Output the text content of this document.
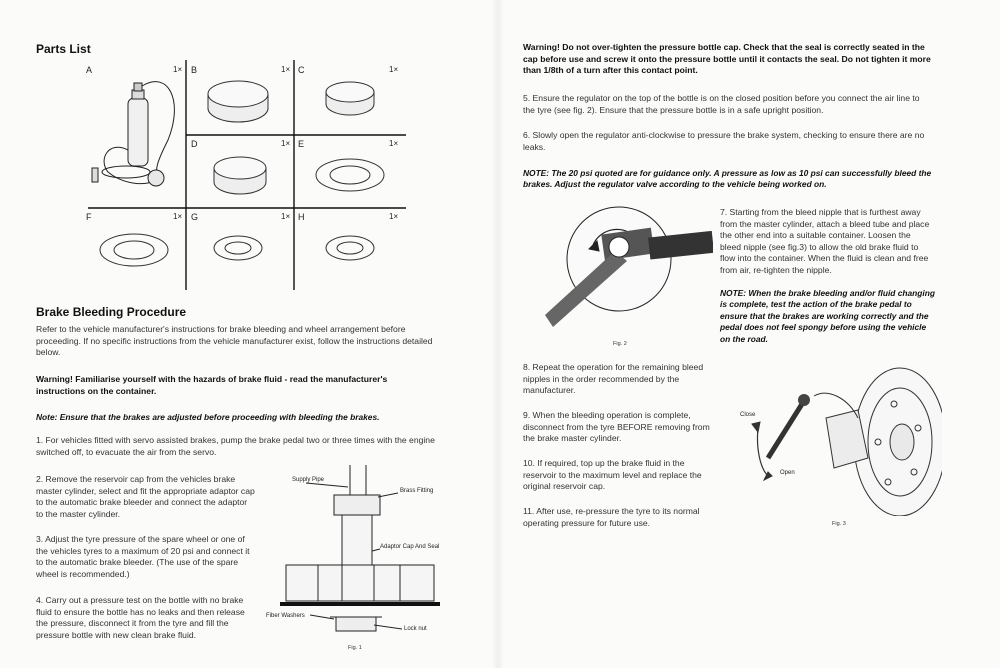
Parts List
A	1× B	1× C	1×
D	1× E	1×
F	1× G	1× H	1×
Brake Bleeding Procedure
Refer to the vehicle manufacturer's instructions for brake bleeding and wheel arrangement before proceeding. If no specific instructions from the vehicle manufacturer exist, follow the instructions detailed below.
Warning! Familiarise yourself with the hazards of brake fluid - read the manufacturer's instructions on the container.
Note: Ensure that the brakes are adjusted before proceeding with bleeding the brakes.
1. For vehicles fitted with servo assisted brakes, pump the brake pedal two or three times with the engine switched off, to evacuate the air from the servo.
2. Remove the reservoir cap from the vehicles brake master cylinder, select and fit the appropriate adaptor cap to the automatic brake bleeder and connect the adaptor to the master cylinder.
3. Adjust the tyre pressure of the spare wheel or one of the vehicles tyres to a maximum of 20 psi and connect it to the automatic brake bleeder. (The use of the spare wheel is recommended.)
4. Carry out a pressure test on the bottle with no brake fluid to ensure the bottle has no leaks and then release the pressure, disconnect it from the tyre and fill the pressure bottle with new clean brake fluid.
Supply Pipe
Brass Fitting
Adaptor Cap And Seal
Fiber Washers
Lock nut
Fig. 1
Warning! Do not over-tighten the pressure bottle cap. Check that the seal is correctly seated in the cap before use and screw it onto the pressure bottle until it contacts the seal. Do not tighten it more than 1/8th of a turn after this contact point.
5. Ensure the regulator on the top of the bottle is on the closed position before you connect the air line to the tyre (see fig. 2). Ensure that the pressure bottle is in a safe upright position.
6. Slowly open the regulator anti-clockwise to pressure the brake system, checking to ensure there are no leaks.
NOTE: The 20 psi quoted are for guidance only. A pressure as low as 10 psi can successfully bleed the brakes. Adjust the regulator valve according to the vehicle being worked on.
Fig. 2
7. Starting from the bleed nipple that is furthest away from the master cylinder, attach a bleed tube and place the other end into a suitable container. Loosen the bleed nipple (see fig.3) to allow the old brake fluid to flow into the container. When the fluid is clean and free from air, re-tighten the nipple.
NOTE: When the brake bleeding and/or fluid changing is complete, test the action of the brake pedal to ensure that the brakes are working correctly and the pedal does not feel spongy before using the vehicle on the road.
8. Repeat the operation for the remaining bleed nipples in the order recommended by the manufacturer.
9. When the bleeding operation is complete, disconnect from the tyre BEFORE removing from the brake master cylinder.
10. If required, top up the brake fluid in the reservoir to the maximum level and replace the original reservoir cap.
11. After use, re-pressure the tyre to its normal operating pressure for future use.
Close
Open
Fig. 3
